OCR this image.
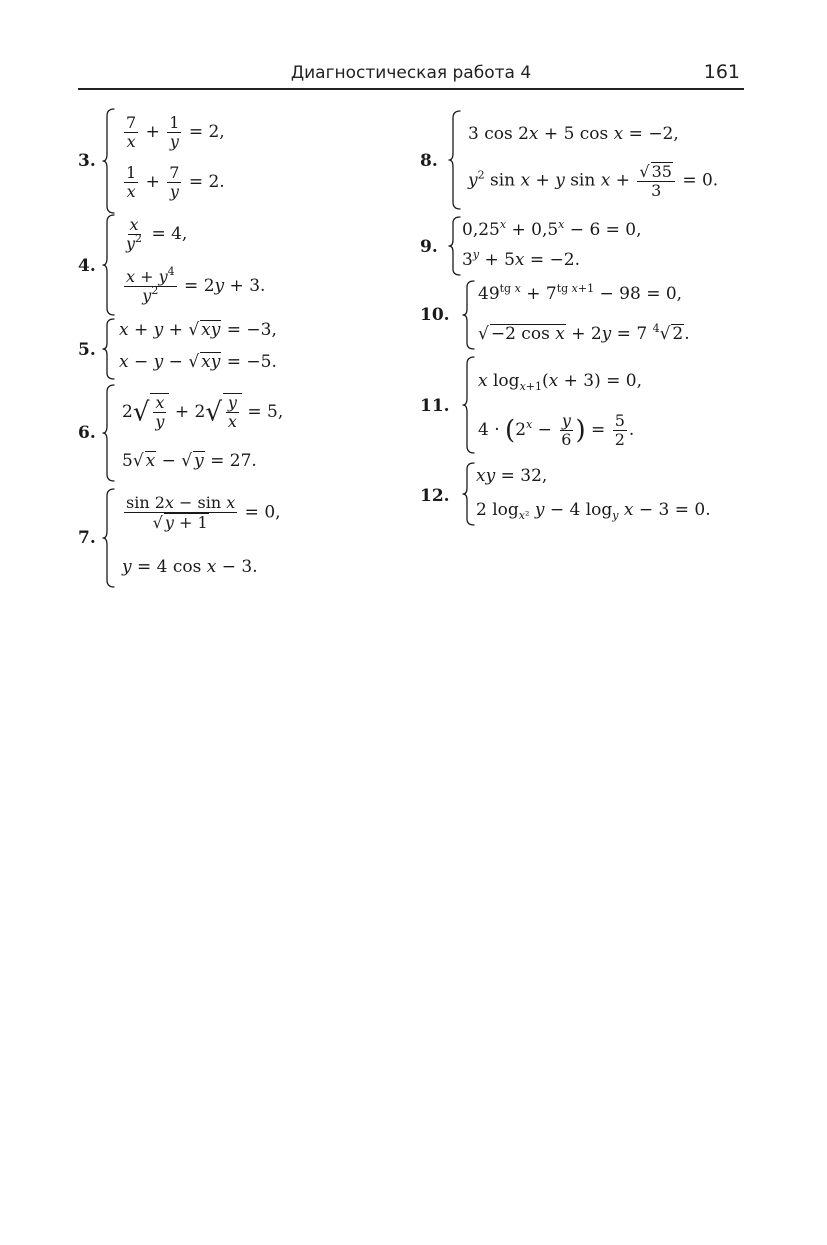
Диагностическая работа 4	161
3.
$\frac{7}{x} + \frac{1}{y} = 2$,
$\frac{1}{x} + \frac{7}{y} = 2$.
4.
$\frac{x}{y^2} = 4$,
$\frac{x + y^4}{y^2} = 2y + 3$.
5.
x + y + √ xy = −3,
x − y − √ xy = −5.
6.
$2√ \frac{x}{y} + 2√ \frac{y}{x} = 5$,
5√ x − √ y = 27.
7.
$\frac{\text{sin 2x − sin x}}{√ y + 1} = 0$,
y = 4 cos x − 3.
8.
3 cos 2x + 5 cos x = −2,
$y^2$ sin x + y $\sin x + \frac{√ 35}{3} = 0$.
9.
$0,25^x + 0,5^x - 6 = 0$,
$3^y + 5x = -2$.
10.
$49^{tg x} + 7^{tg x+1} - 98 = 0$,
√ −2 cos x + 2y = 7 $^4$√ 2.
11.
x $\log_{x+1}(x + 3) = 0$,
$4 \cdot (2^x - \frac{y}{6}$ ) = $\frac{5}{2}$ .
12.
xy = 32,
2 $\log_{x^2} y - 4$ $\log_y x - 3 = 0$.
